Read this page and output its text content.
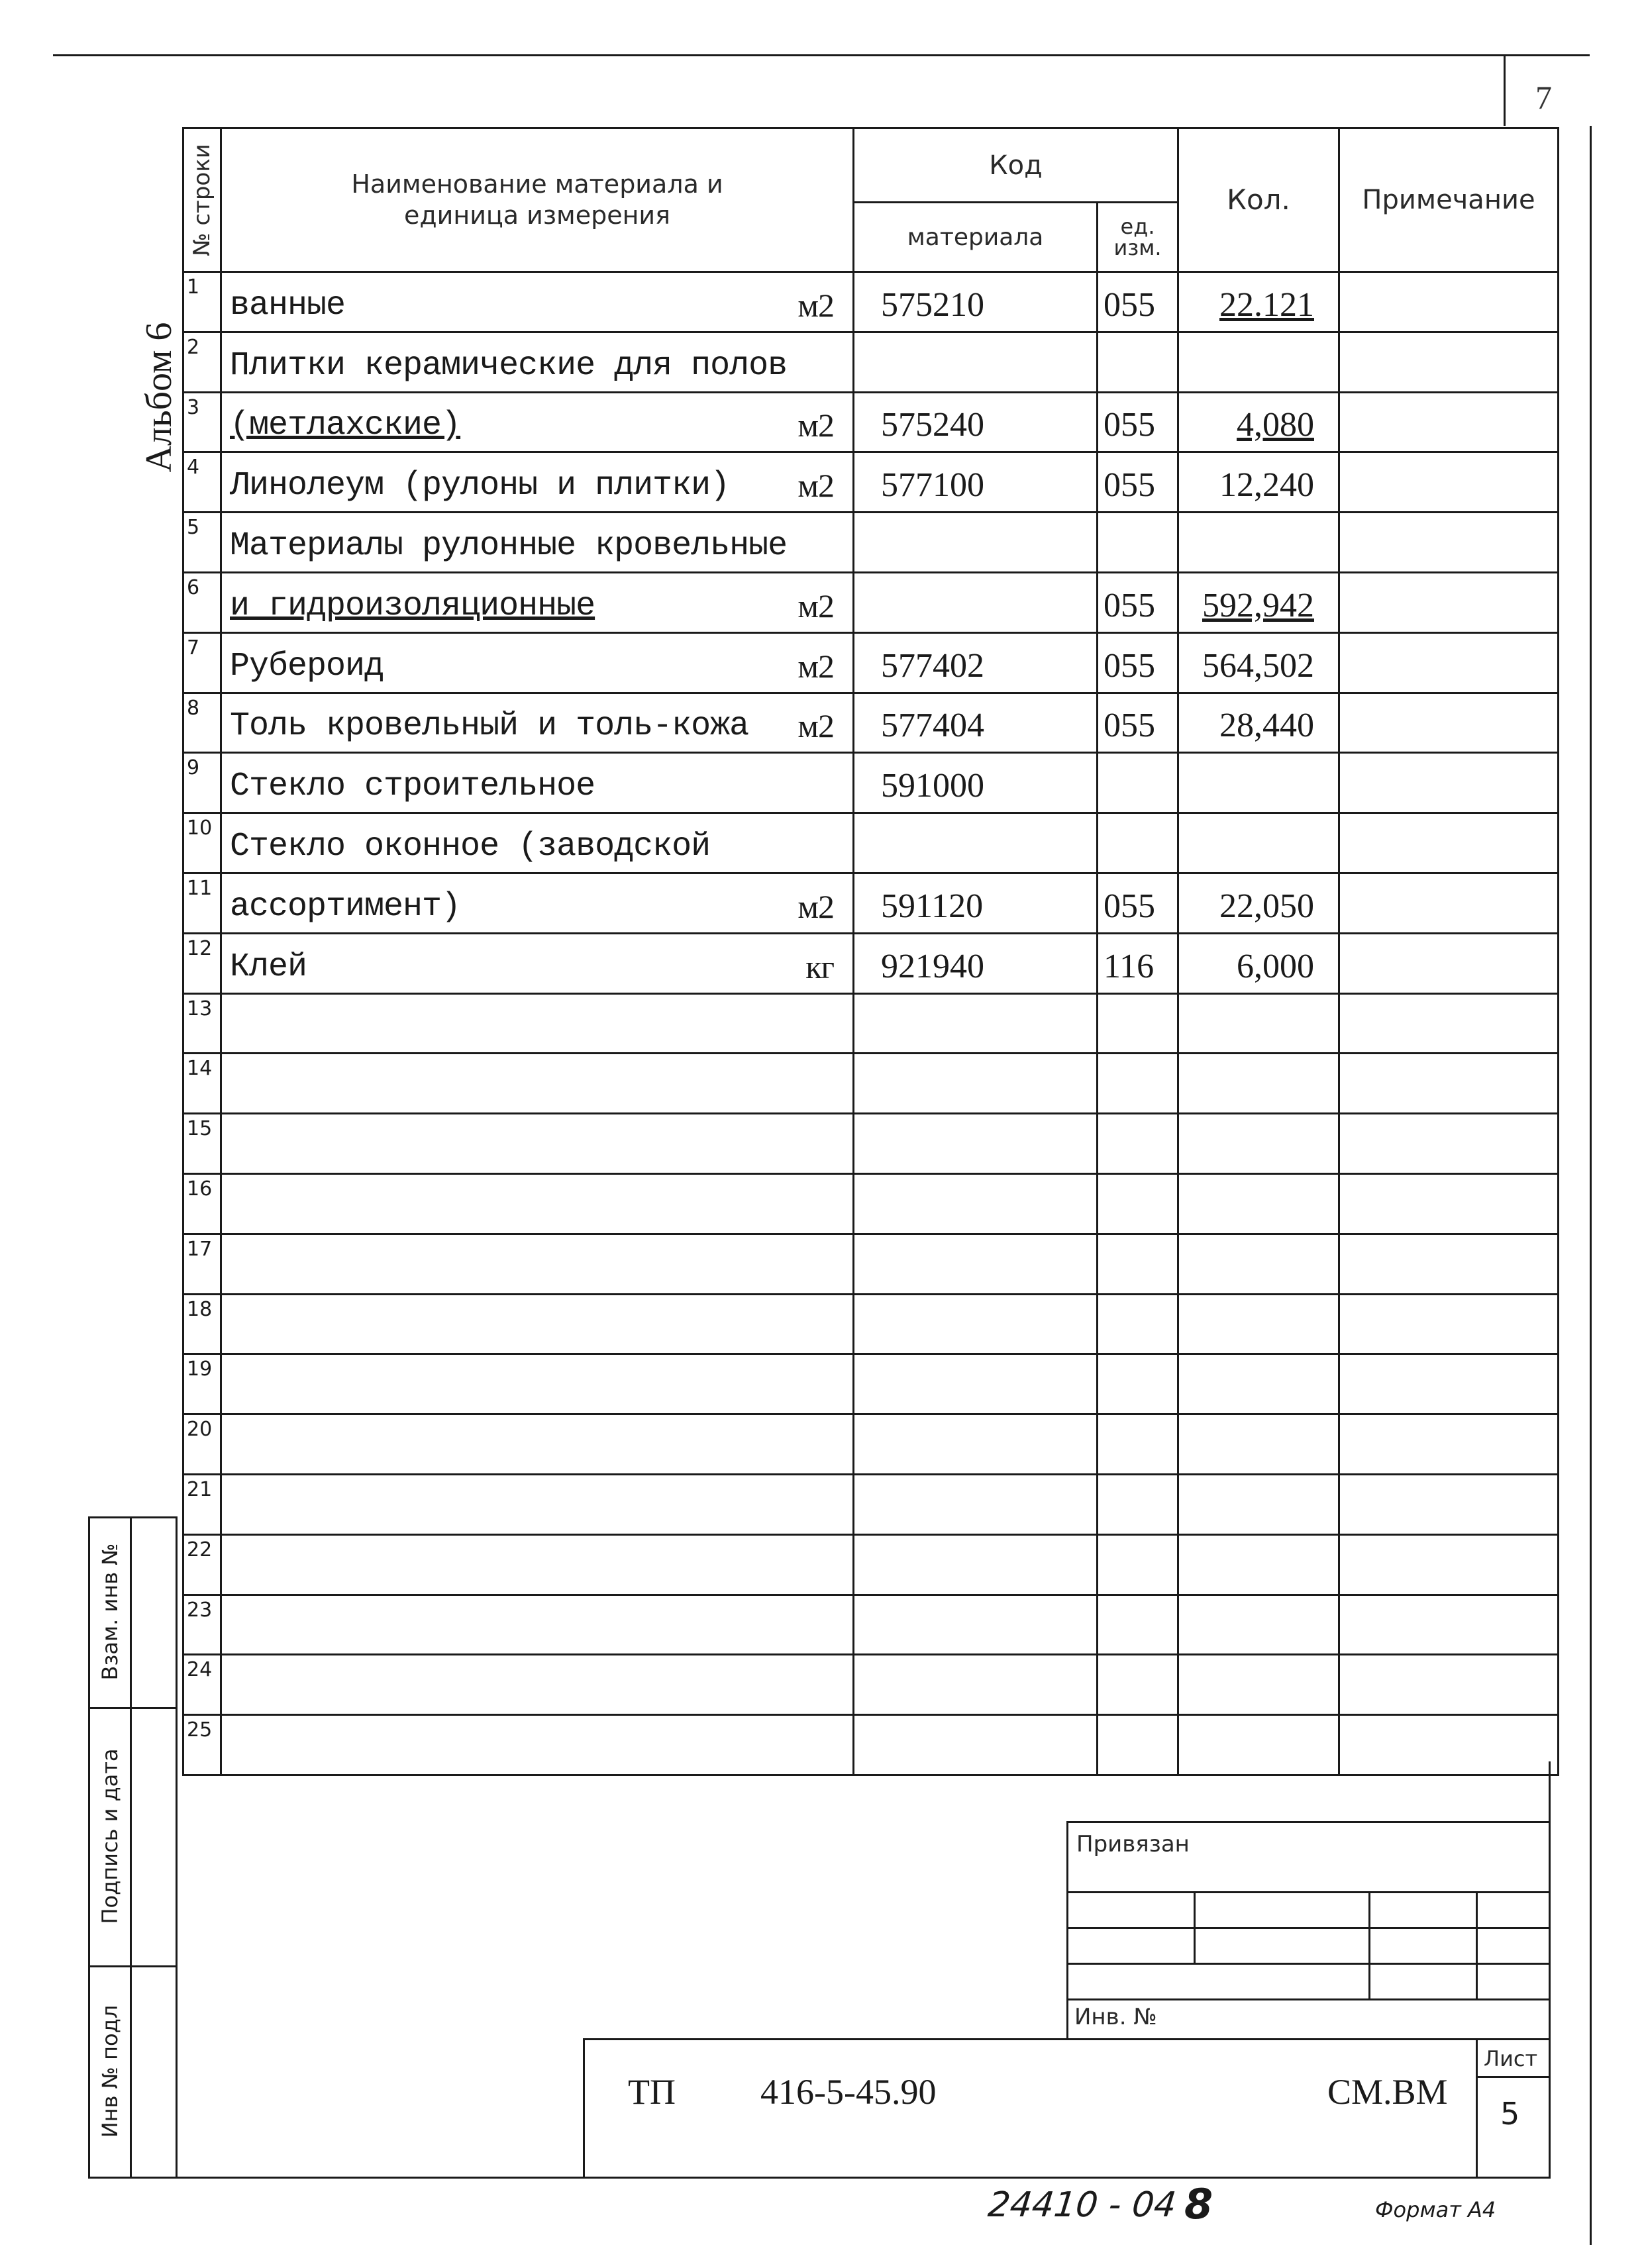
7
Альбом 6
№ строки	Наименование материала и единица измерения	Код		Кол.	Примечание
		материала	ед. изм.		
1	ванные м2	575210	055	22.121	
2	Плитки керамические для полов

3	(метлахские) м2	575240	055	4,080	
4	Линолеум (рулоны и плитки) м2	577100	055	12,240	
5	Материалы рулонные кровельные

6	и гидроизоляционные м2		055	592,942	
7	Рубероид м2	577402	055	564,502	
8	Толь кровельный и толь-кожа м2	577404	055	28,440	
9	Стекло строительное	591000			
10	Стекло оконное (заводской

11	ассортимент) м2	591120	055	22,050	
12	Клей кг	921940	116	6,000	
13	

14	

15	

16	

17	

18	

19	

20	

21	

22	

23	

24	

25	

Взам. инв №
Подпись и дата
Инв № подл
Привязан
Инв. №
Лист
5
ТП 416-5-45.90	СМ.ВМ
24410 - 04 8	Формат А4
